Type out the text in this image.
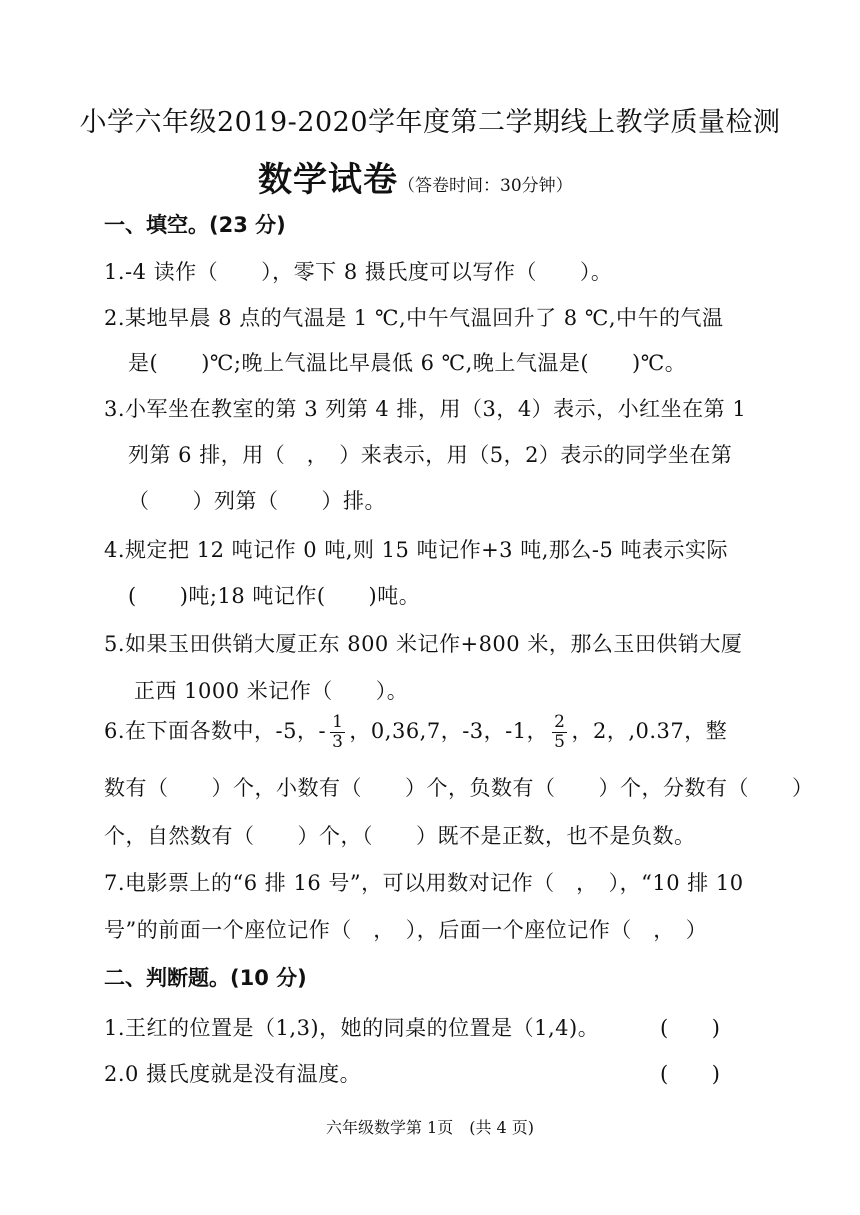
小学六年级2019-2020学年度第二学期线上教学质量检测
数学试卷（答卷时间：30分钟）
一、填空。(23 分)
1.-4 读作（　　），零下 8 摄氏度可以写作（　　）。
2.某地早晨 8 点的气温是 1 ℃,中午气温回升了 8 ℃,中午的气温
是(　　)℃;晚上气温比早晨低 6 ℃,晚上气温是(　　)℃。
3.小军坐在教室的第 3 列第 4 排，用（3，4）表示，小红坐在第 1
列第 6 排，用（　，　）来表示，用（5，2）表示的同学坐在第
（　　）列第（　　）排。
4.规定把 12 吨记作 0 吨,则 15 吨记作+3 吨,那么-5 吨表示实际
(　　)吨;18 吨记作(　　)吨。
5.如果玉田供销大厦正东 800 米记作+800 米，那么玉田供销大厦
正西 1000 米记作（　　）。
6.在下面各数中，-5，- $\frac{1}{3}$ ，0,36,7，-3，-1， $\frac{2}{5}$ ，2，,0.37，整
数有（　　）个，小数有（　　）个，负数有（　　）个，分数有（　　）
个，自然数有（　　）个，（　　）既不是正数，也不是负数。
7.电影票上的“6 排 16 号”，可以用数对记作（　，　），“10 排 10
号”的前面一个座位记作（　，　），后面一个座位记作（　，　）
二、判断题。(10 分)
1.王红的位置是（1,3)，她的同桌的位置是（1,4)。	(　　)
2.0 摄氏度就是没有温度。	(　　)
六年级数学第 1页　(共 4 页)
